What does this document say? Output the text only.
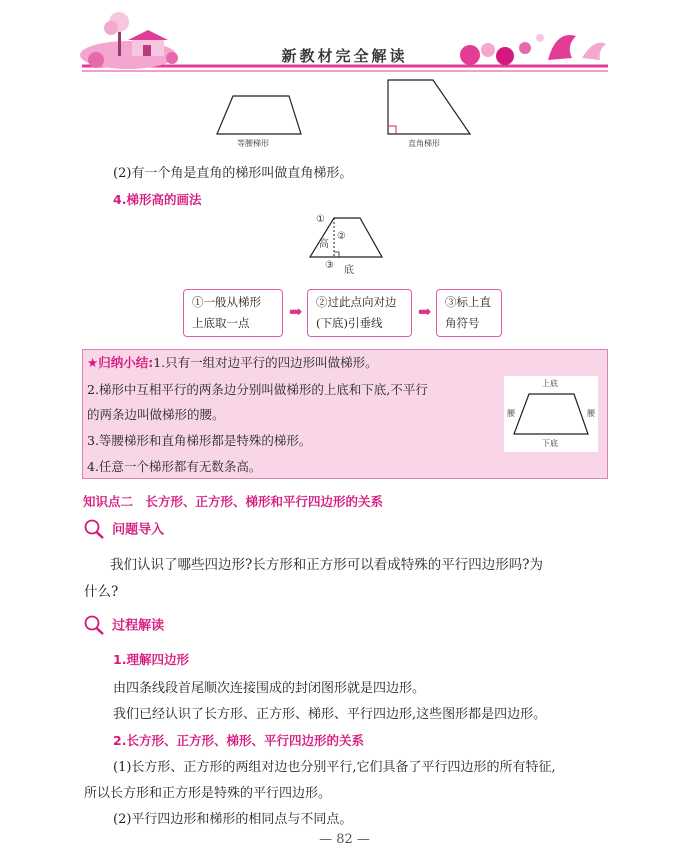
新教材完全解读
等腰梯形	直角梯形
(2)有一个角是直角的梯形叫做直角梯形。
4.梯形高的画法
①
高
②
③ 底
①一般从梯形
上底取一点
➡ ②过此点向对边
(下底)引垂线
➡ ③标上直
角符号
★归纳小结:1.只有一组对边平行的四边形叫做梯形。
2.梯形中互相平行的两条边分别叫做梯形的上底和下底,不平行
的两条边叫做梯形的腰。
3.等腰梯形和直角梯形都是特殊的梯形。
4.任意一个梯形都有无数条高。
上底
下底
腰	腰
知识点二　长方形、正方形、梯形和平行四边形的关系
问题导入
我们认识了哪些四边形?长方形和正方形可以看成特殊的平行四边形吗?为
什么?
过程解读
1.理解四边形
由四条线段首尾顺次连接围成的封闭图形就是四边形。
我们已经认识了长方形、正方形、梯形、平行四边形,这些图形都是四边形。
2.长方形、正方形、梯形、平行四边形的关系
(1)长方形、正方形的两组对边也分别平行,它们具备了平行四边形的所有特征,
所以长方形和正方形是特殊的平行四边形。
(2)平行四边形和梯形的相同点与不同点。
— 82 —
